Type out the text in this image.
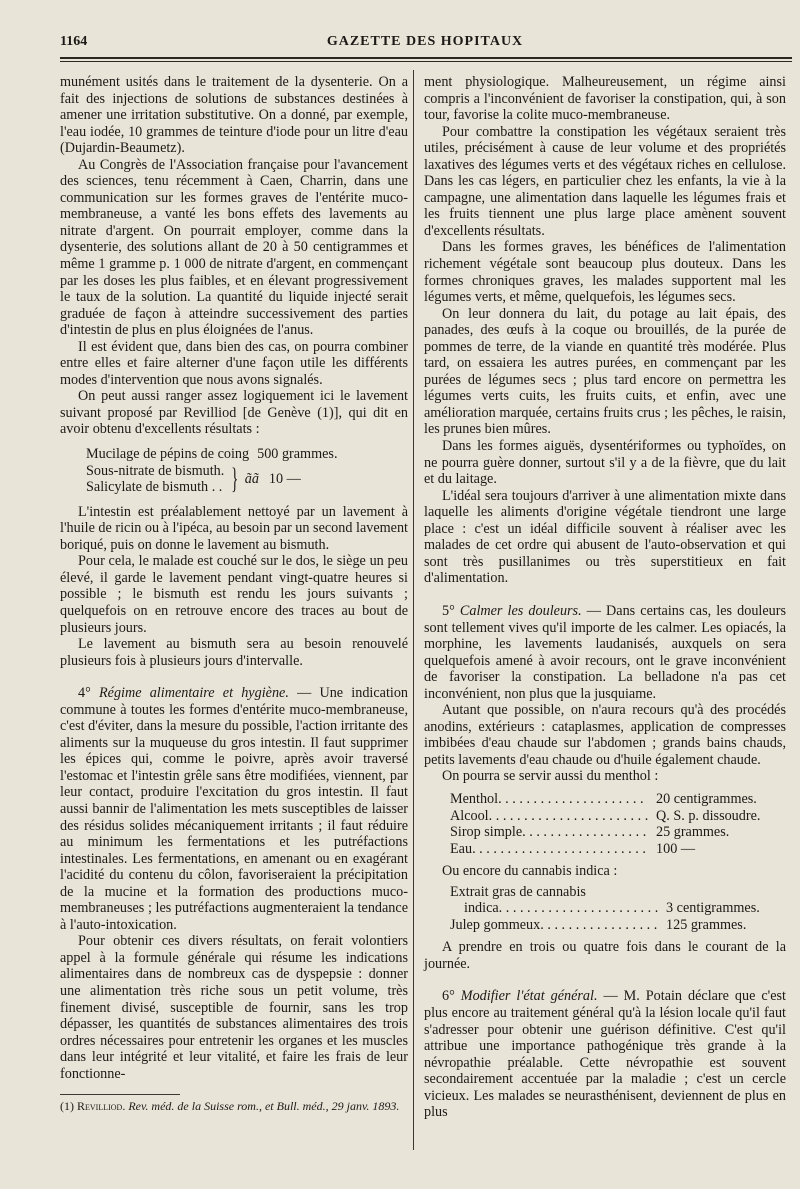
1164	GAZETTE DES HOPITAUX

munément usités dans le traitement de la dysenterie. On a fait des injections de solutions de substances destinées à amener une irritation substitutive. On a donné, par exemple, l'eau iodée, 10 grammes de teinture d'iode pour un litre d'eau (Dujardin-Beaumetz).

Au Congrès de l'Association française pour l'avancement des sciences, tenu récemment à Caen, Charrin, dans une communication sur les formes graves de l'entérite muco-membraneuse, a vanté les bons effets des lavements au nitrate d'argent. On pourrait employer, comme dans la dysenterie, des solutions allant de 20 à 50 centigrammes et même 1 gramme p. 1 000 de nitrate d'argent, en commençant par les doses les plus faibles, et en élevant progressivement le taux de la solution. La quantité du liquide injecté serait graduée de façon à atteindre successivement des parties d'intestin de plus en plus éloignées de l'anus.

Il est évident que, dans bien des cas, on pourra combiner entre elles et faire alterner d'une façon utile les différents modes d'intervention que nous avons signalés.

On peut aussi ranger assez logiquement ici le lavement suivant proposé par Revilliod [de Genève (1)], qui dit en avoir obtenu d'excellents résultats :

Mucilage de pépins de coing 500 grammes.
Sous-nitrate de bismuth.
Salicylate de bismuth . . } ãã 10 —

L'intestin est préalablement nettoyé par un lavement à l'huile de ricin ou à l'ipéca, au besoin par un second lavement boriqué, puis on donne le lavement au bismuth.

Pour cela, le malade est couché sur le dos, le siège un peu élevé, il garde le lavement pendant vingt-quatre heures si possible ; le bismuth est rendu les jours suivants ; quelquefois on en retrouve encore des traces au bout de plusieurs jours.

Le lavement au bismuth sera au besoin renouvelé plusieurs fois à plusieurs jours d'intervalle.

4° Régime alimentaire et hygiène. — Une indication commune à toutes les formes d'entérite muco-membraneuse, c'est d'éviter, dans la mesure du possible, l'action irritante des aliments sur la muqueuse du gros intestin. Il faut supprimer les épices qui, comme le poivre, après avoir traversé l'estomac et l'intestin grêle sans être modifiées, viennent, par leur contact, produire l'excitation du gros intestin. Il faut aussi bannir de l'alimentation les mets susceptibles de laisser des résidus solides mécaniquement irritants ; il faut réduire au minimum les fermentations et les putréfactions intestinales. Les fermentations, en amenant ou en exagérant l'acidité du contenu du côlon, favoriseraient la précipitation de la mucine et la formation des productions muco-membraneuses ; les putréfactions augmenteraient la tendance à l'auto-intoxication.

Pour obtenir ces divers résultats, on ferait volontiers appel à la formule générale qui résume les indications alimentaires dans de nombreux cas de dyspepsie : donner une alimentation très riche sous un petit volume, très finement divisé, susceptible de fournir, sans les trop dépasser, les quantités de substances alimentaires des trois ordres nécessaires pour entretenir les organes et les muscles dans leur intégrité et leur vitalité, et faire les frais de leur fonctionne-

(1) Revilliod. Rev. méd. de la Suisse rom., et Bull. méd., 29 janv. 1893.

ment physiologique. Malheureusement, un régime ainsi compris a l'inconvénient de favoriser la constipation, qui, à son tour, favorise la colite muco-membraneuse.

Pour combattre la constipation les végétaux seraient très utiles, précisément à cause de leur volume et des propriétés laxatives des légumes verts et des végétaux riches en cellulose. Dans les cas légers, en particulier chez les enfants, la vie à la campagne, une alimentation dans laquelle les légumes frais et les fruits tiennent une plus large place amènent souvent d'excellents résultats.

Dans les formes graves, les bénéfices de l'alimentation richement végétale sont beaucoup plus douteux. Dans les formes chroniques graves, les malades supportent mal les légumes verts, et même, quelquefois, les légumes secs.

On leur donnera du lait, du potage au lait épais, des panades, des œufs à la coque ou brouillés, de la purée de pommes de terre, de la viande en quantité très modérée. Plus tard, on essaiera les autres purées, en commençant par les purées de légumes secs ; plus tard encore on permettra les légumes verts cuits, les fruits cuits, et enfin, avec une amélioration marquée, certains fruits crus ; les pêches, le raisin, les prunes bien mûres.

Dans les formes aiguës, dysentériformes ou typhoïdes, on ne pourra guère donner, surtout s'il y a de la fièvre, que du lait et du laitage.

L'idéal sera toujours d'arriver à une alimentation mixte dans laquelle les aliments d'origine végétale tiendront une large place : c'est un idéal difficile souvent à réaliser avec les malades de cet ordre qui abusent de l'auto-observation et qui sont très pusillanimes ou très superstitieux en fait d'alimentation.

5° Calmer les douleurs. — Dans certains cas, les douleurs sont tellement vives qu'il importe de les calmer. Les opiacés, la morphine, les lavements laudanisés, auxquels on sera quelquefois amené à avoir recours, ont le grave inconvénient de favoriser la constipation. La belladone n'a pas cet inconvénient, non plus que la jusquiame.

Autant que possible, on n'aura recours qu'à des procédés anodins, extérieurs : cataplasmes, application de compresses imbibées d'eau chaude sur l'abdomen ; grands bains chauds, petits lavements d'eau chaude ou d'huile également chaude.

On pourra se servir aussi du menthol :

Menthol . . .	20 centigrammes.
Alcool . . .	Q. S. p. dissoudre.
Sirop simple . . .	25 grammes.
Eau . . .	100 —

Ou encore du cannabis indica :

Extrait gras de cannabis
indica . . .	3 centigrammes.
Julep gommeux . . .	125 grammes.

A prendre en trois ou quatre fois dans le courant de la journée.

6° Modifier l'état général. — M. Potain déclare que c'est plus encore au traitement général qu'à la lésion locale qu'il faut s'adresser pour obtenir une guérison définitive. C'est qu'il attribue une importance pathogénique très grande à la névropathie préalable. Cette névropathie est souvent secondairement accentuée par la maladie ; c'est un cercle vicieux. Les malades se neurasthénisent, deviennent de plus en plus
